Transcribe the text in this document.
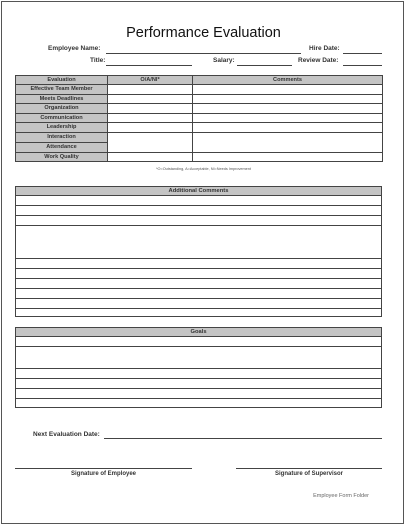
Performance Evaluation
Employee Name:	Hire Date:
Title:	Salary:	Review Date:
Evaluation	O/A/NI*	Comments
Effective Team Member		
Meets Deadlines		
Organization		
Communication		
Leadership		
Interaction		
Attendance		
Work Quality		
*O=Outstanding, A=Acceptable, NI=Needs Improvement
Additional Comments
Goals
Next Evaluation Date:
Signature of Employee	Signature of Supervisor
Employee Form Folder
